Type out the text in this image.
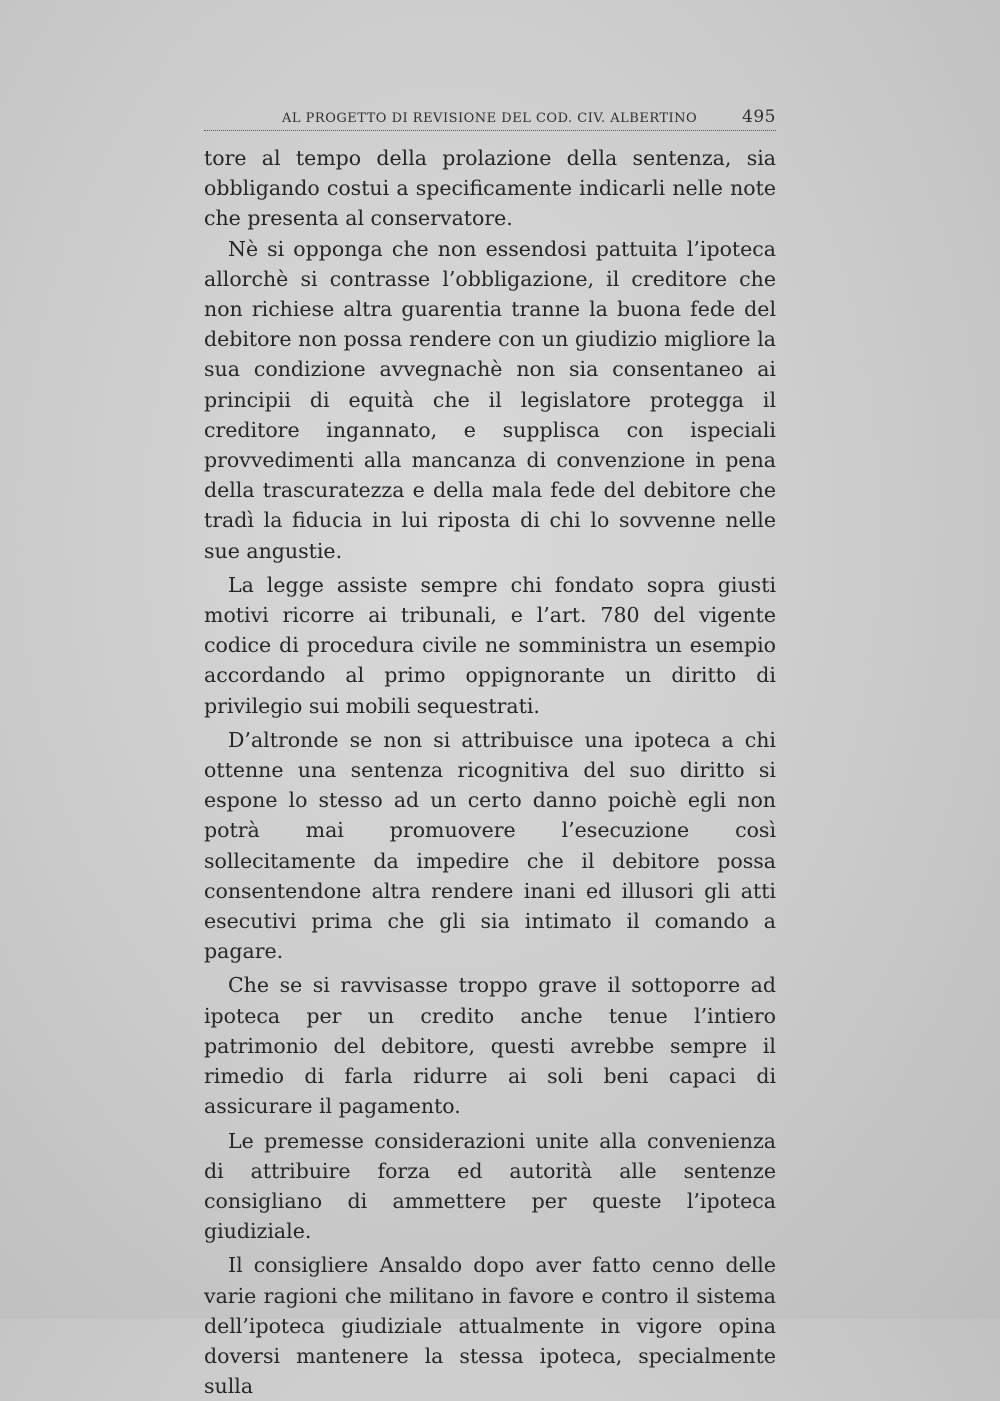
AL PROGETTO DI REVISIONE DEL COD. CIV. ALBERTINO	495

tore al tempo della prolazione della sentenza, sia obbligando costui a specificamente indicarli nelle note che presenta al conservatore.

Nè si opponga che non essendosi pattuita l’ipoteca allorchè si contrasse l’obbligazione, il creditore che non richiese altra guarentia tranne la buona fede del debitore non possa rendere con un giudizio migliore la sua condizione avvegnachè non sia consentaneo ai principii di equità che il legislatore protegga il creditore ingannato, e supplisca con ispeciali provvedimenti alla mancanza di convenzione in pena della trascuratezza e della mala fede del debitore che tradì la fiducia in lui riposta di chi lo sovvenne nelle sue angustie.

La legge assiste sempre chi fondato sopra giusti motivi ricorre ai tribunali, e l’art. 780 del vigente codice di procedura civile ne somministra un esempio accordando al primo oppignorante un diritto di privilegio sui mobili sequestrati.

D’altronde se non si attribuisce una ipoteca a chi ottenne una sentenza ricognitiva del suo diritto si espone lo stesso ad un certo danno poichè egli non potrà mai promuovere l’esecuzione così sollecitamente da impedire che il debitore possa consentendone altra rendere inani ed illusori gli atti esecutivi prima che gli sia intimato il comando a pagare.

Che se si ravvisasse troppo grave il sottoporre ad ipoteca per un credito anche tenue l’intiero patrimonio del debitore, questi avrebbe sempre il rimedio di farla ridurre ai soli beni capaci di assicurare il pagamento.

Le premesse considerazioni unite alla convenienza di attribuire forza ed autorità alle sentenze consigliano di ammettere per queste l’ipoteca giudiziale.

Il consigliere Ansaldo dopo aver fatto cenno delle varie ragioni che militano in favore e contro il sistema dell’ipoteca giudiziale attualmente in vigore opina doversi mantenere la stessa ipoteca, specialmente sulla
